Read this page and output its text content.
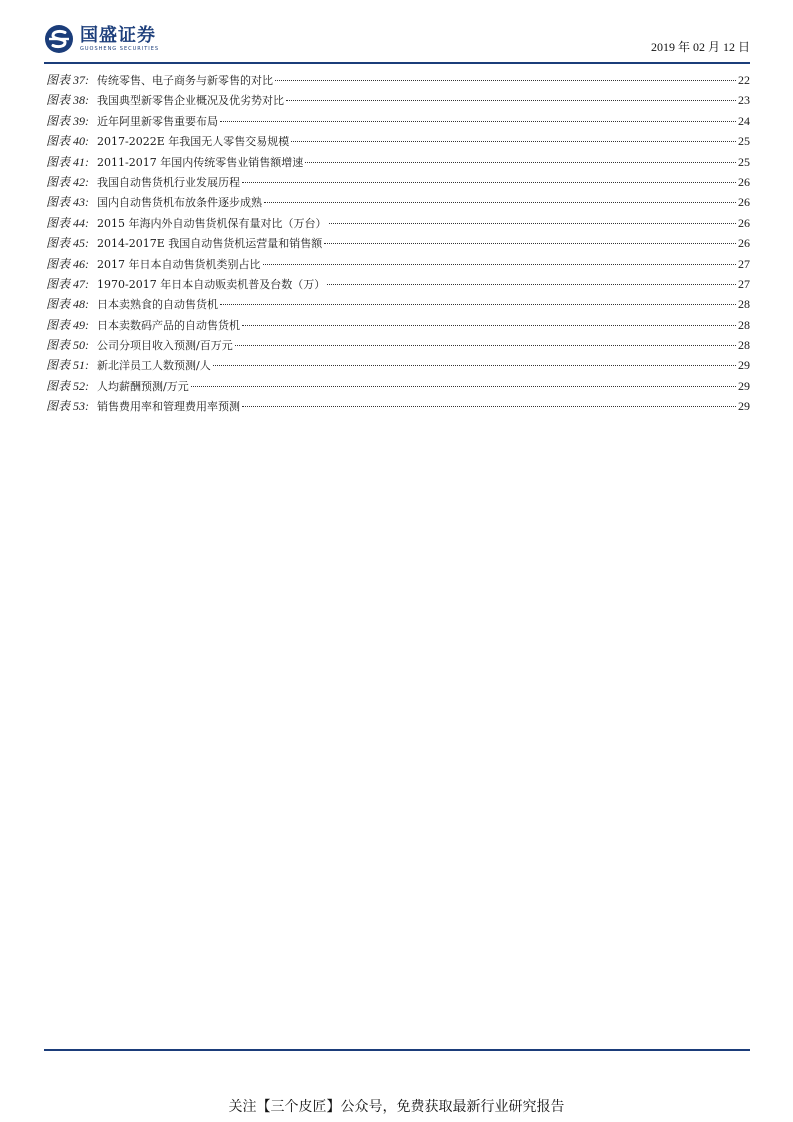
国盛证券
GUOSHENG SECURITIES	2019 年 02 月 12 日
图表 37: 传统零售、电子商务与新零售的对比	22
图表 38: 我国典型新零售企业概况及优劣势对比	23
图表 39: 近年阿里新零售重要布局	24
图表 40: 2017-2022E 年我国无人零售交易规模	25
图表 41: 2011-2017 年国内传统零售业销售额增速	25
图表 42: 我国自动售货机行业发展历程	26
图表 43: 国内自动售货机布放条件逐步成熟	26
图表 44: 2015 年海内外自动售货机保有量对比（万台）	26
图表 45: 2014-2017E 我国自动售货机运营量和销售额	26
图表 46: 2017 年日本自动售货机类别占比	27
图表 47: 1970-2017 年日本自动贩卖机普及台数（万）	27
图表 48: 日本卖熟食的自动售货机	28
图表 49: 日本卖数码产品的自动售货机	28
图表 50: 公司分项目收入预测/百万元	28
图表 51: 新北洋员工人数预测/人	29
图表 52: 人均薪酬预测/万元	29
图表 53: 销售费用率和管理费用率预测	29
关注【三个皮匠】公众号，免费获取最新行业研究报告
